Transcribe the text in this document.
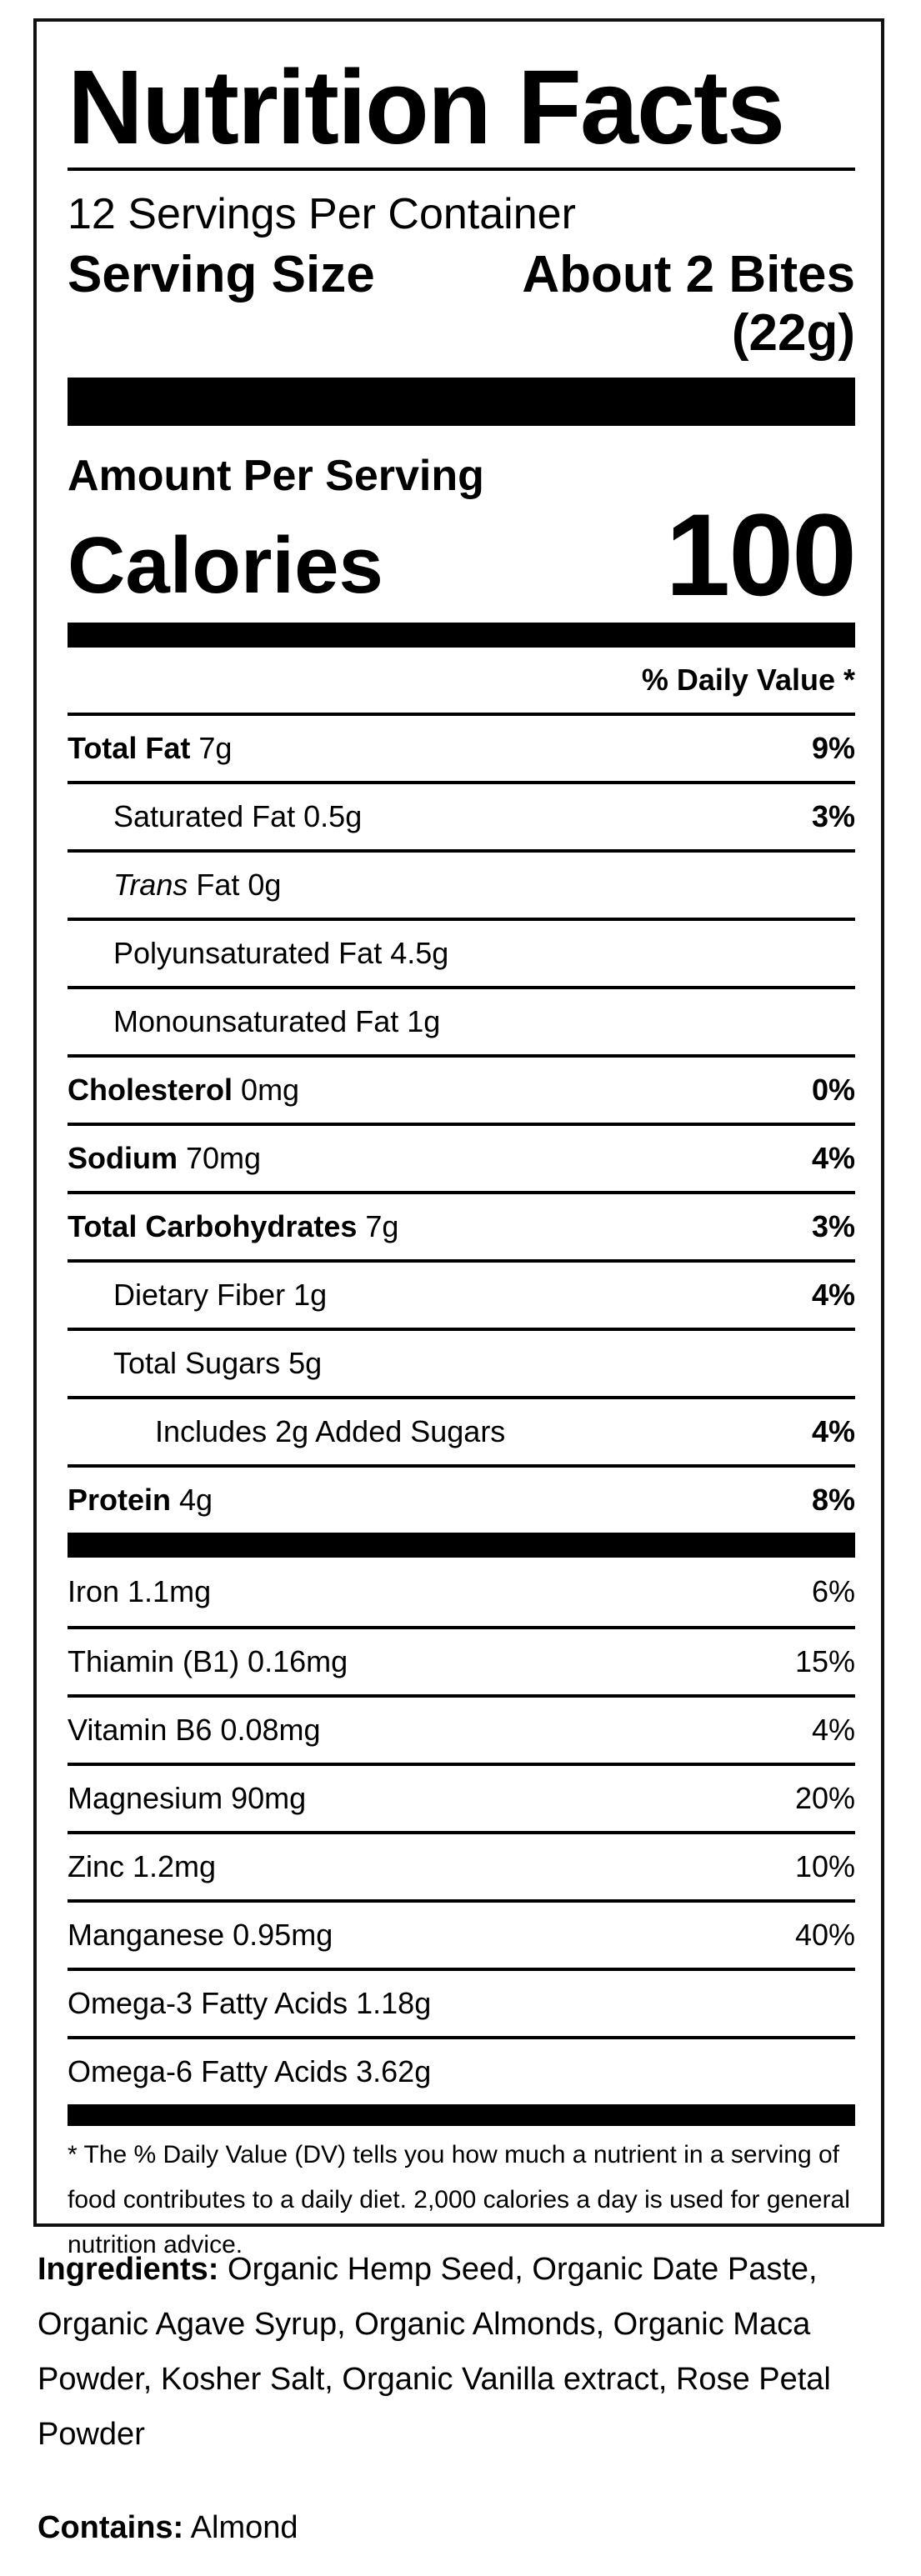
Nutrition Facts
12 Servings Per Container
Serving Size	About 2 Bites
(22g)
Amount Per Serving
Calories 100
% Daily Value *
Total Fat 7g	9%
Saturated Fat 0.5g	3%
Trans Fat 0g
Polyunsaturated Fat 4.5g
Monounsaturated Fat 1g
Cholesterol 0mg	0%
Sodium 70mg	4%
Total Carbohydrates 7g	3%
Dietary Fiber 1g	4%
Total Sugars 5g
Includes 2g Added Sugars	4%
Protein 4g	8%
Iron 1.1mg	6%
Thiamin (B1) 0.16mg	15%
Vitamin B6 0.08mg	4%
Magnesium 90mg	20%
Zinc 1.2mg	10%
Manganese 0.95mg	40%
Omega-3 Fatty Acids 1.18g
Omega-6 Fatty Acids 3.62g
* The % Daily Value (DV) tells you how much a nutrient in a serving of food contributes to a daily diet. 2,000 calories a day is used for general nutrition advice.
Ingredients: Organic Hemp Seed, Organic Date Paste, Organic Agave Syrup, Organic Almonds, Organic Maca Powder, Kosher Salt, Organic Vanilla extract, Rose Petal Powder
Contains: Almond
